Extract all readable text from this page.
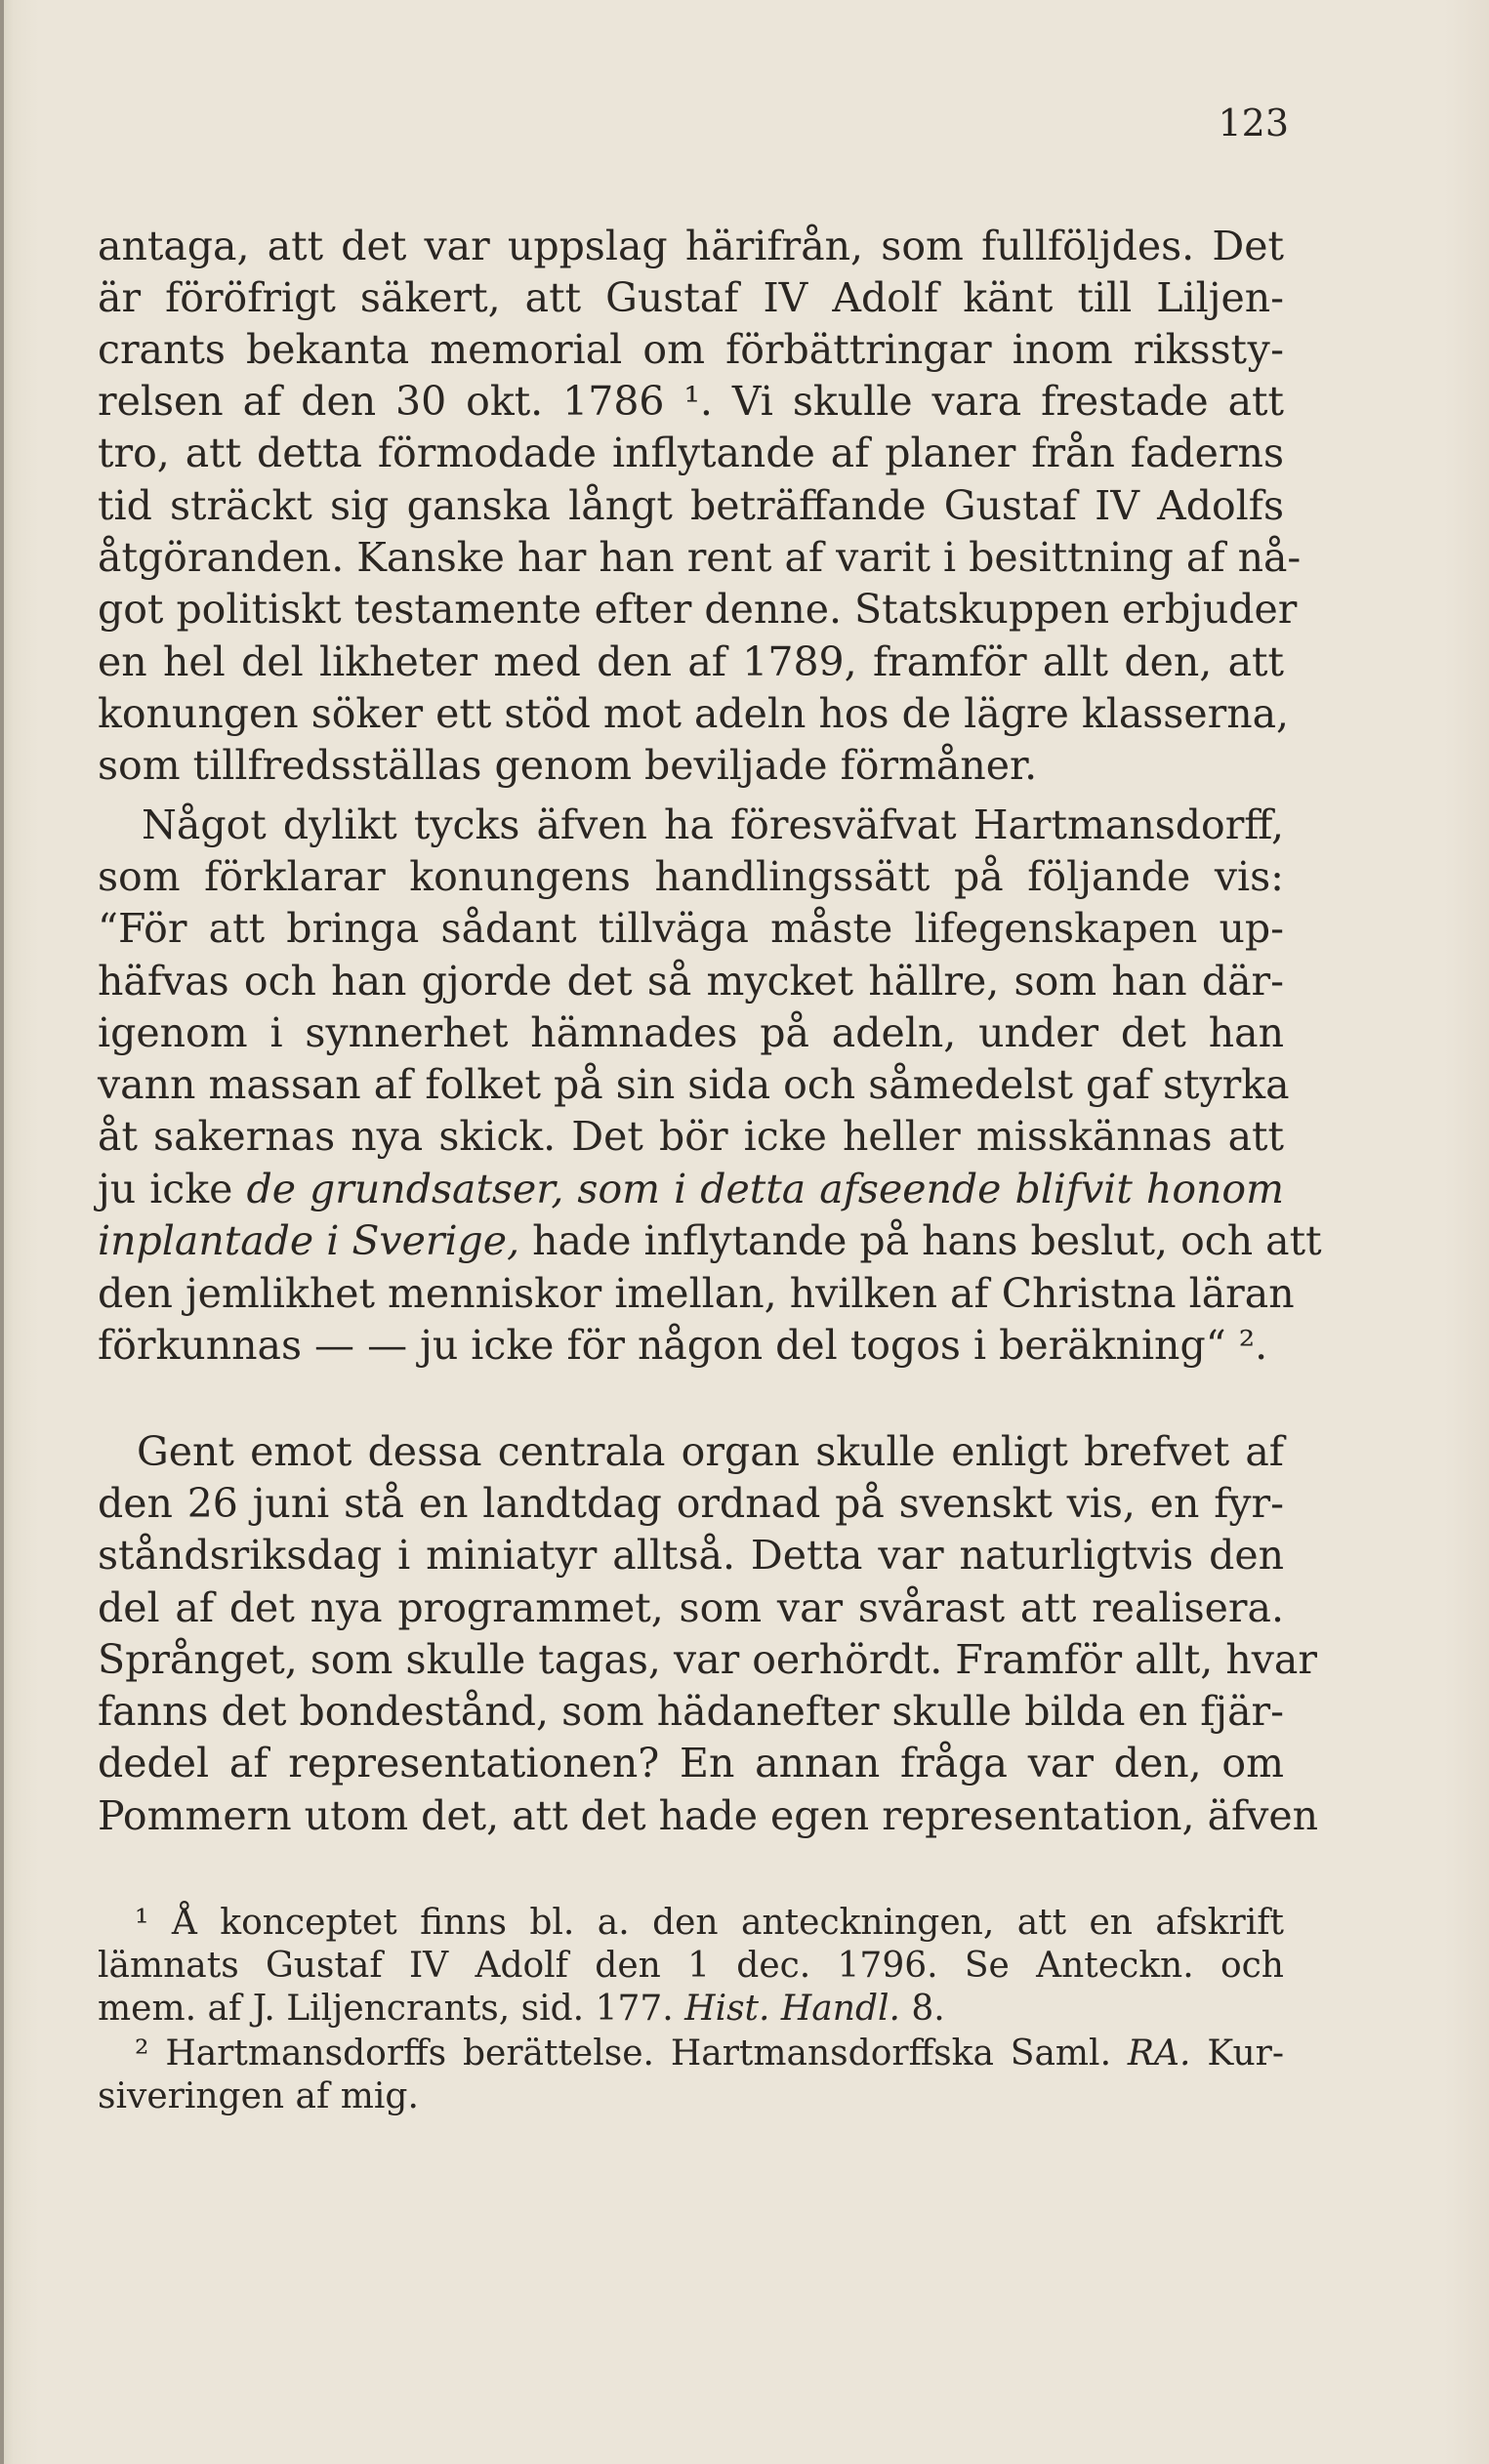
123
antaga, att det var uppslag härifrån, som fullföljdes. Det
är föröfrigt säkert, att Gustaf IV Adolf känt till Liljen-
crants bekanta memorial om förbättringar inom riksstу-
relsen af den 30 okt. 1786 ¹. Vi skulle vara frestade att
tro, att detta förmodade inflytande af planer från faderns
tid sträckt sig ganska långt beträffande Gustaf IV Adolfs
åtgöranden. Kanske har han rent af varit i besittning af nå-
got politiskt testamente efter denne. Statskuppen erbjuder
en hel del likheter med den af 1789, framför allt den, att
konungen söker ett stöd mot adeln hos de lägre klasserna,
som tillfredsställas genom beviljade förmåner.
Något dylikt tycks äfven ha föresväfvat Hartmansdorff,
som förklarar konungens handlingssätt på följande vis:
“För att bringa sådant tillväga måste lifegenskapen up-
häfvas och han gjorde det så mycket hällre, som han där-
igenom i synnerhet hämnades på adeln, under det han
vann massan af folket på sin sida och såmedelst gaf styrka
åt sakernas nya skick. Det bör icke heller misskännas att
ju icke de grundsatser, som i detta afseende blifvit honom
inplantade i Sverige, hade inflytande på hans beslut, och att
den jemlikhet menniskor imellan, hvilken af Christna läran
förkunnas — — ju icke för någon del togos i beräkning“ ².
Gent emot dessa centrala organ skulle enligt brefvet af
den 26 juni stå en landtdag ordnad på svenskt vis, en fyr-
ståndsriksdag i miniatyr alltså. Detta var naturligtvis den
del af det nya programmet, som var svårast att realisera.
Språnget, som skulle tagas, var oerhördt. Framför allt, hvar
fanns det bondestånd, som hädanefter skulle bilda en fjär-
dedel af representationen? En annan fråga var den, om
Pommern utom det, att det hade egen representation, äfven
¹ Å konceptet finns bl. a. den anteckningen, att en afskrift
lämnats Gustaf IV Adolf den 1 dec. 1796. Se Anteckn. och
mem. af J. Liljencrants, sid. 177. Hist. Handl. 8.
² Hartmansdorffs berättelse. Hartmansdorffska Saml. RA. Kur-
siveringen af mig.
